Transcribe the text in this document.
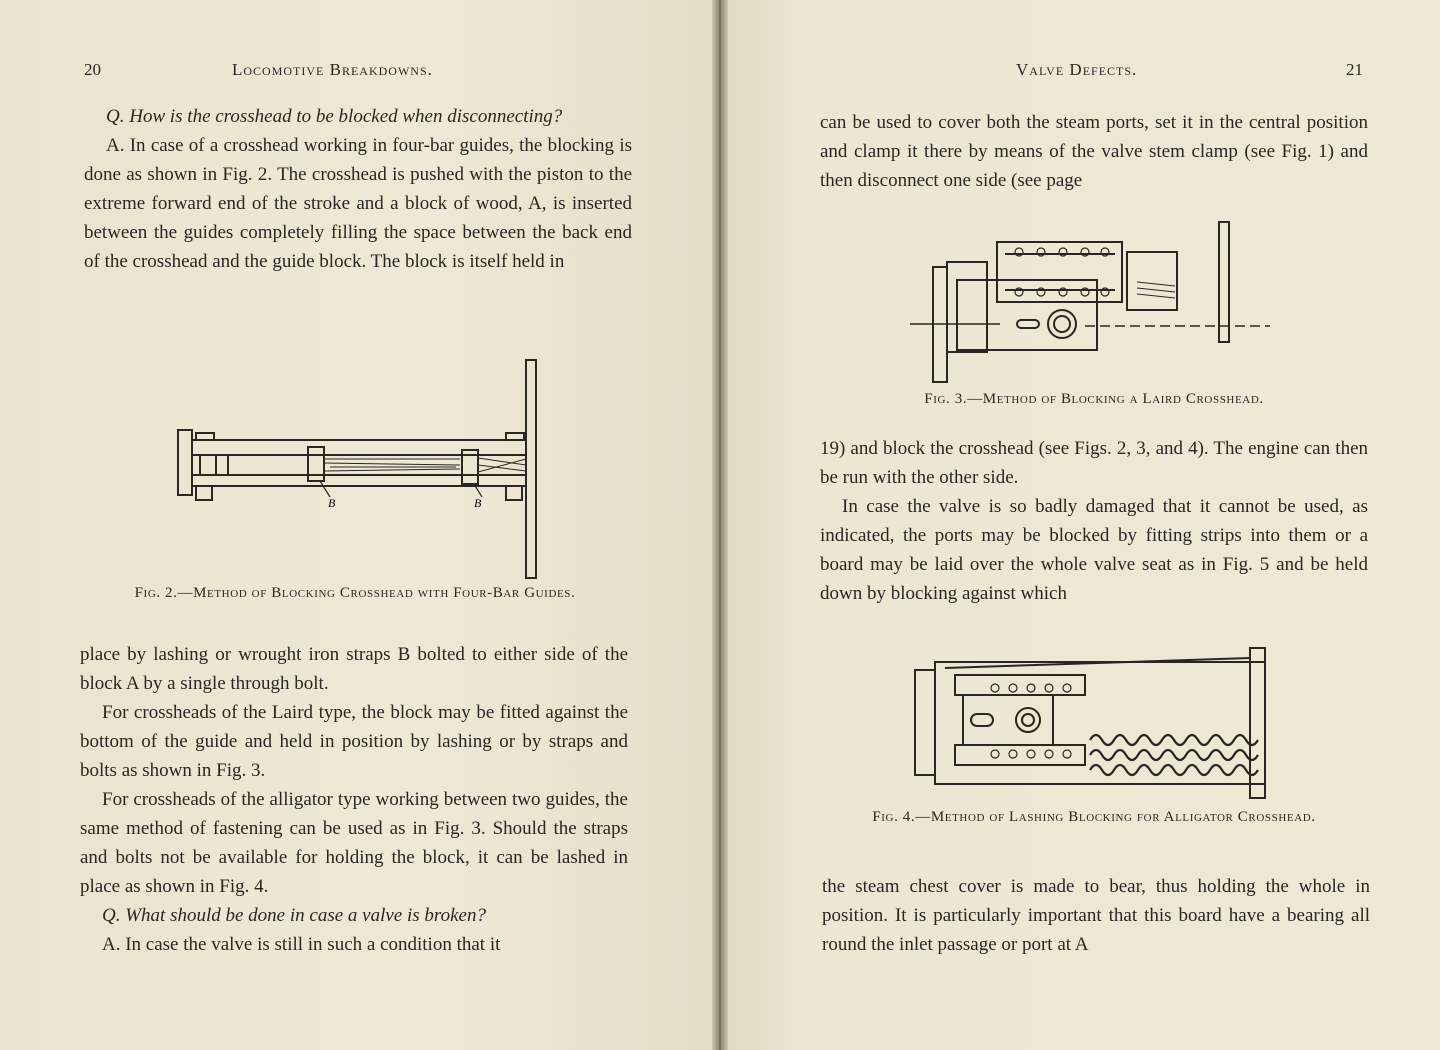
20	Locomotive Breakdowns.

Q. How is the crosshead to be blocked when disconnecting?

A. In case of a crosshead working in four-bar guides, the blocking is done as shown in Fig. 2. The crosshead is pushed with the piston to the extreme forward end of the stroke and a block of wood, A, is inserted between the guides completely filling the space between the back end of the crosshead and the guide block. The block is itself held in

B	B
Fig. 2.—Method of Blocking Crosshead with Four-Bar Guides.

place by lashing or wrought iron straps B bolted to either side of the block A by a single through bolt.

For crossheads of the Laird type, the block may be fitted against the bottom of the guide and held in position by lashing or by straps and bolts as shown in Fig. 3.

For crossheads of the alligator type working between two guides, the same method of fastening can be used as in Fig. 3. Should the straps and bolts not be available for holding the block, it can be lashed in place as shown in Fig. 4.

Q. What should be done in case a valve is broken?

A. In case the valve is still in such a condition that it

Valve Defects.	21

can be used to cover both the steam ports, set it in the central position and clamp it there by means of the valve stem clamp (see Fig. 1) and then disconnect one side (see page

Fig. 3.—Method of Blocking a Laird Crosshead.

19) and block the crosshead (see Figs. 2, 3, and 4). The engine can then be run with the other side.

In case the valve is so badly damaged that it cannot be used, as indicated, the ports may be blocked by fitting strips into them or a board may be laid over the whole valve seat as in Fig. 5 and be held down by blocking against which

Fig. 4.—Method of Lashing Blocking for Alligator Crosshead.

the steam chest cover is made to bear, thus holding the whole in position. It is particularly important that this board have a bearing all round the inlet passage or port at A
